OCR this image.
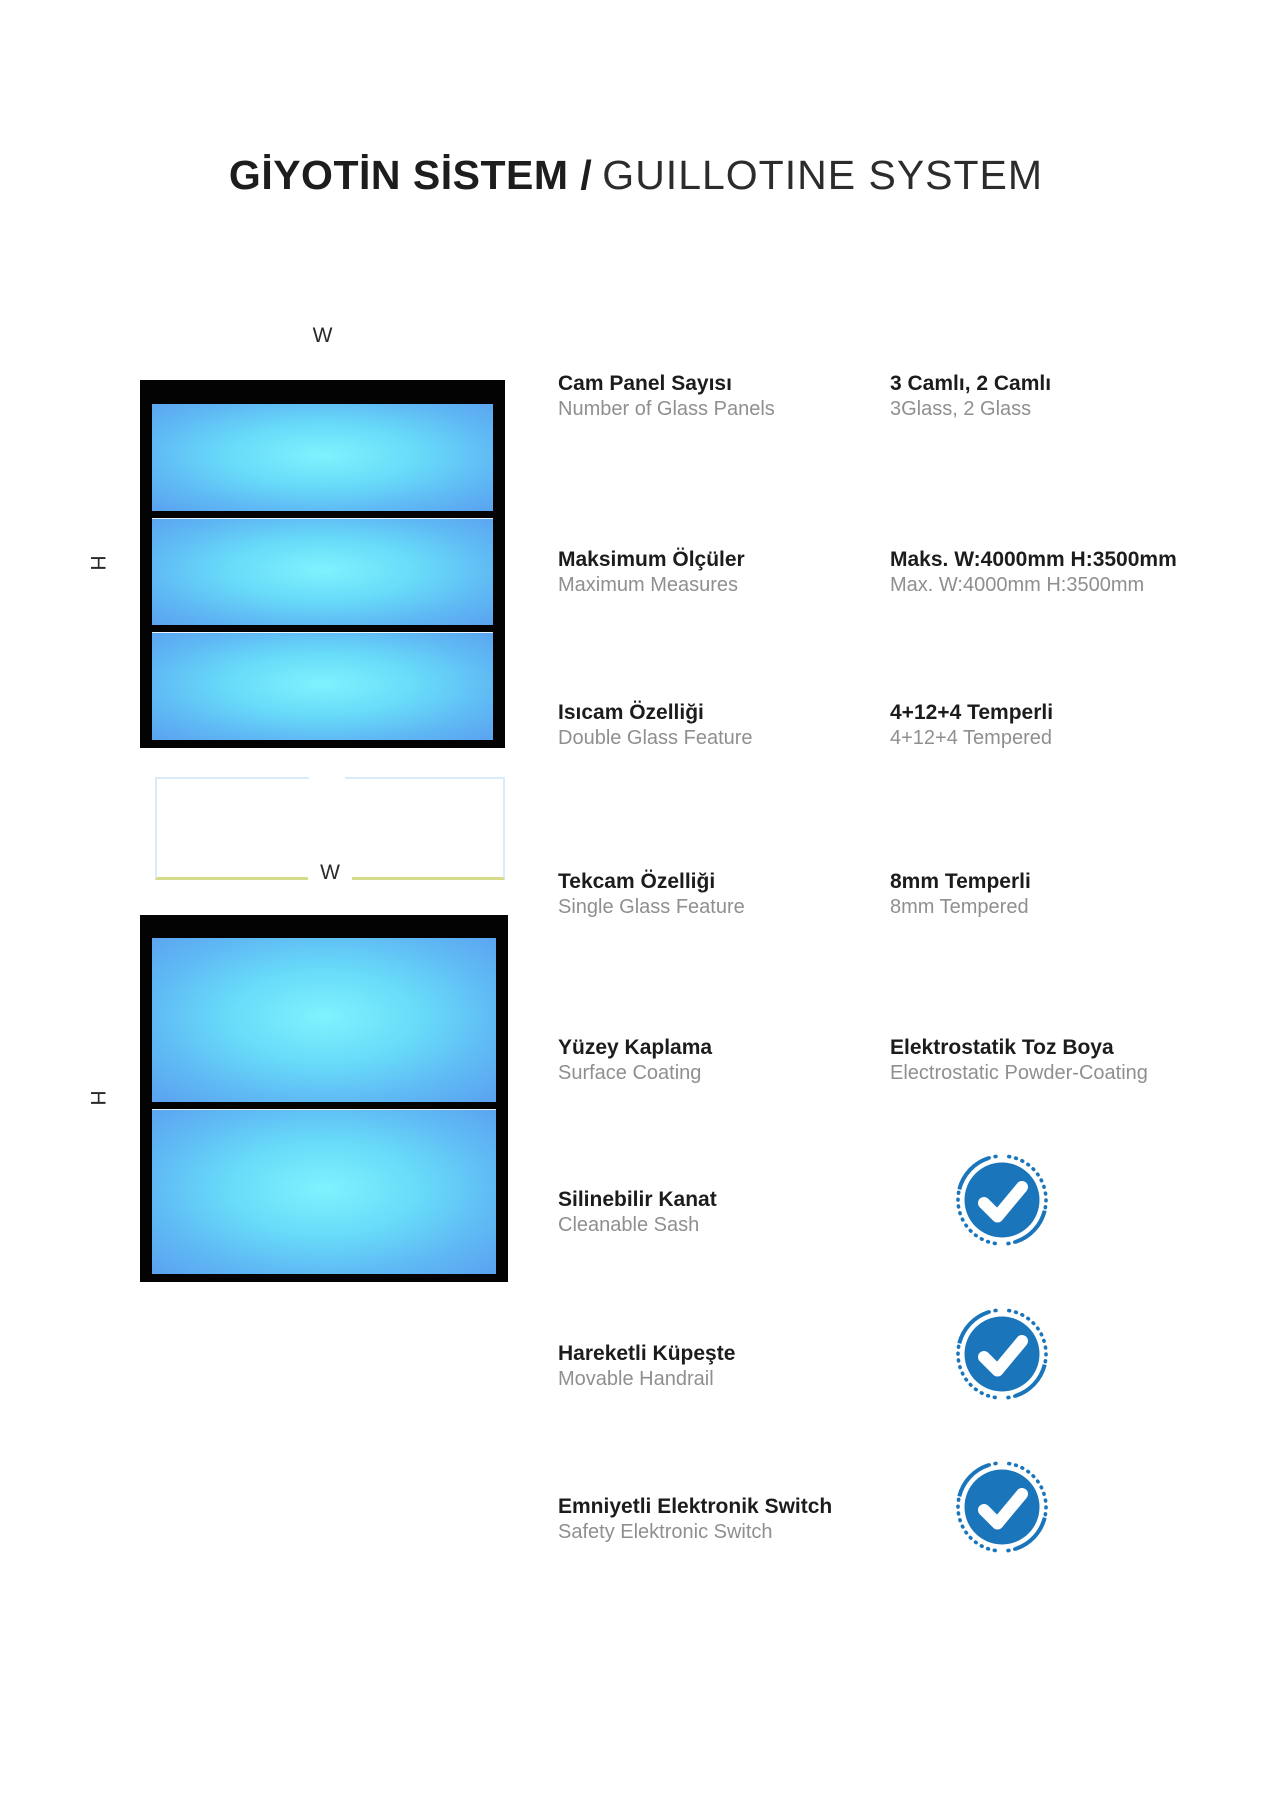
GİYOTİN SİSTEM / GUILLOTINE SYSTEM
W
H
W
H
Cam Panel Sayısı
Number of Glass Panels
3 Camlı, 2 Camlı
3Glass, 2 Glass
Maksimum Ölçüler
Maximum Measures
Maks. W:4000mm H:3500mm
Max. W:4000mm H:3500mm
Isıcam Özelliği
Double Glass Feature
4+12+4 Temperli
4+12+4 Tempered
Tekcam Özelliği
Single Glass Feature
8mm Temperli
8mm Tempered
Yüzey Kaplama
Surface Coating
Elektrostatik Toz Boya
Electrostatic Powder-Coating
Silinebilir Kanat
Cleanable Sash
Hareketli Küpeşte
Movable Handrail
Emniyetli Elektronik Switch
Safety Elektronic Switch
